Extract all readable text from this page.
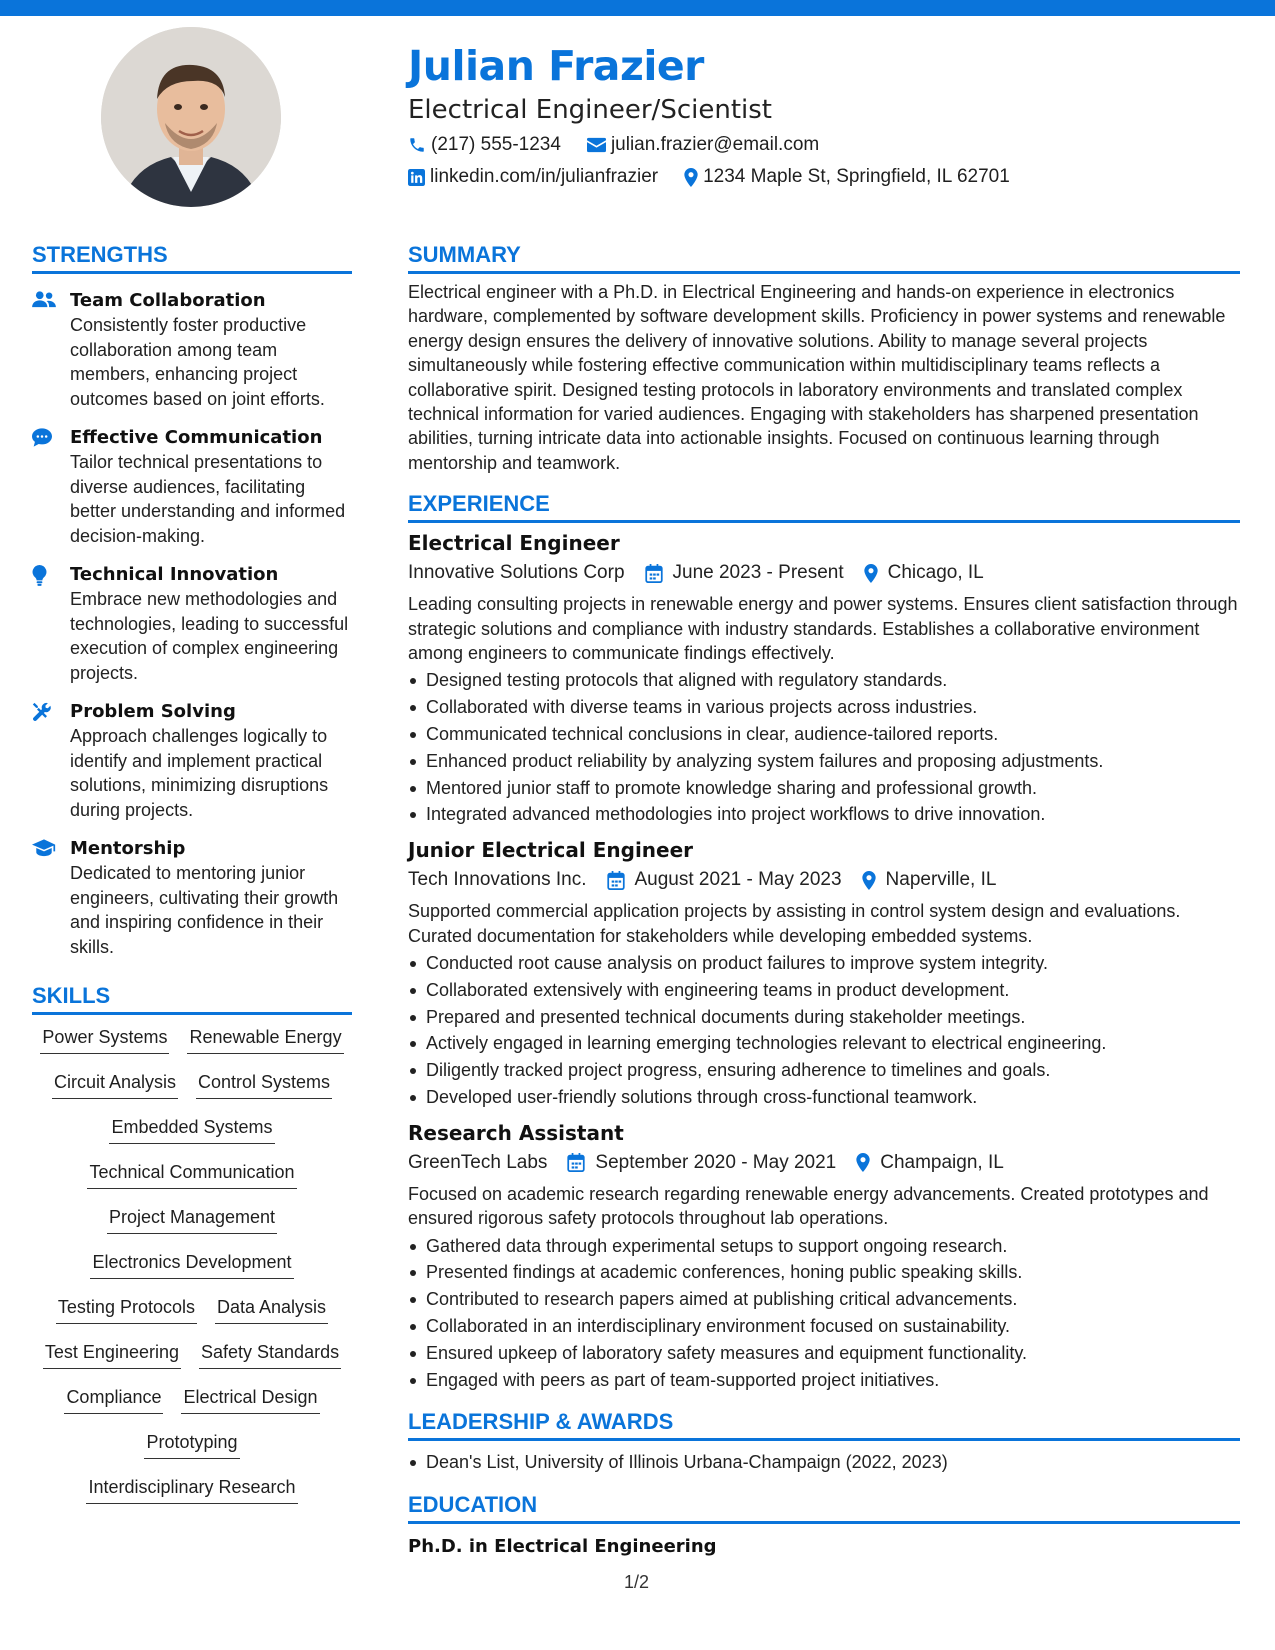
Julian Frazier
Electrical Engineer/Scientist
(217) 555-1234	julian.frazier@email.com
linkedin.com/in/julianfrazier 1234 Maple St, Springfield, IL 62701
STRENGTHS
Team Collaboration
Consistently foster productive collaboration among team members, enhancing project outcomes based on joint efforts.
Effective Communication
Tailor technical presentations to diverse audiences, facilitating better understanding and informed decision-making.
Technical Innovation
Embrace new methodologies and technologies, leading to successful execution of complex engineering projects.
Problem Solving
Approach challenges logically to identify and implement practical solutions, minimizing disruptions during projects.
Mentorship
Dedicated to mentoring junior engineers, cultivating their growth and inspiring confidence in their skills.
SKILLS
Power Systems Renewable Energy
Circuit Analysis Control Systems
Embedded Systems
Technical Communication
Project Management
Electronics Development
Testing Protocols Data Analysis
Test Engineering Safety Standards
Compliance Electrical Design
Prototyping
Interdisciplinary Research
SUMMARY
Electrical engineer with a Ph.D. in Electrical Engineering and hands-on experience in electronics hardware, complemented by software development skills. Proficiency in power systems and renewable energy design ensures the delivery of innovative solutions. Ability to manage several projects simultaneously while fostering effective communication within multidisciplinary teams reflects a collaborative spirit. Designed testing protocols in laboratory environments and translated complex technical information for varied audiences. Engaging with stakeholders has sharpened presentation abilities, turning intricate data into actionable insights. Focused on continuous learning through mentorship and teamwork.
EXPERIENCE
Electrical Engineer
Innovative Solutions Corp	June 2023 - Present Chicago, IL
Leading consulting projects in renewable energy and power systems. Ensures client satisfaction through strategic solutions and compliance with industry standards. Establishes a collaborative environment among engineers to communicate findings effectively.
Designed testing protocols that aligned with regulatory standards.
Collaborated with diverse teams in various projects across industries.
Communicated technical conclusions in clear, audience-tailored reports.
Enhanced product reliability by analyzing system failures and proposing adjustments.
Mentored junior staff to promote knowledge sharing and professional growth.
Integrated advanced methodologies into project workflows to drive innovation.
Junior Electrical Engineer
Tech Innovations Inc.	August 2021 - May 2023 Naperville, IL
Supported commercial application projects by assisting in control system design and evaluations. Curated documentation for stakeholders while developing embedded systems.
Conducted root cause analysis on product failures to improve system integrity.
Collaborated extensively with engineering teams in product development.
Prepared and presented technical documents during stakeholder meetings.
Actively engaged in learning emerging technologies relevant to electrical engineering.
Diligently tracked project progress, ensuring adherence to timelines and goals.
Developed user-friendly solutions through cross-functional teamwork.
Research Assistant
GreenTech Labs	September 2020 - May 2021 Champaign, IL
Focused on academic research regarding renewable energy advancements. Created prototypes and ensured rigorous safety protocols throughout lab operations.
Gathered data through experimental setups to support ongoing research.
Presented findings at academic conferences, honing public speaking skills.
Contributed to research papers aimed at publishing critical advancements.
Collaborated in an interdisciplinary environment focused on sustainability.
Ensured upkeep of laboratory safety measures and equipment functionality.
Engaged with peers as part of team-supported project initiatives.
LEADERSHIP & AWARDS
Dean's List, University of Illinois Urbana-Champaign (2022, 2023)
EDUCATION
Ph.D. in Electrical Engineering
1/2
